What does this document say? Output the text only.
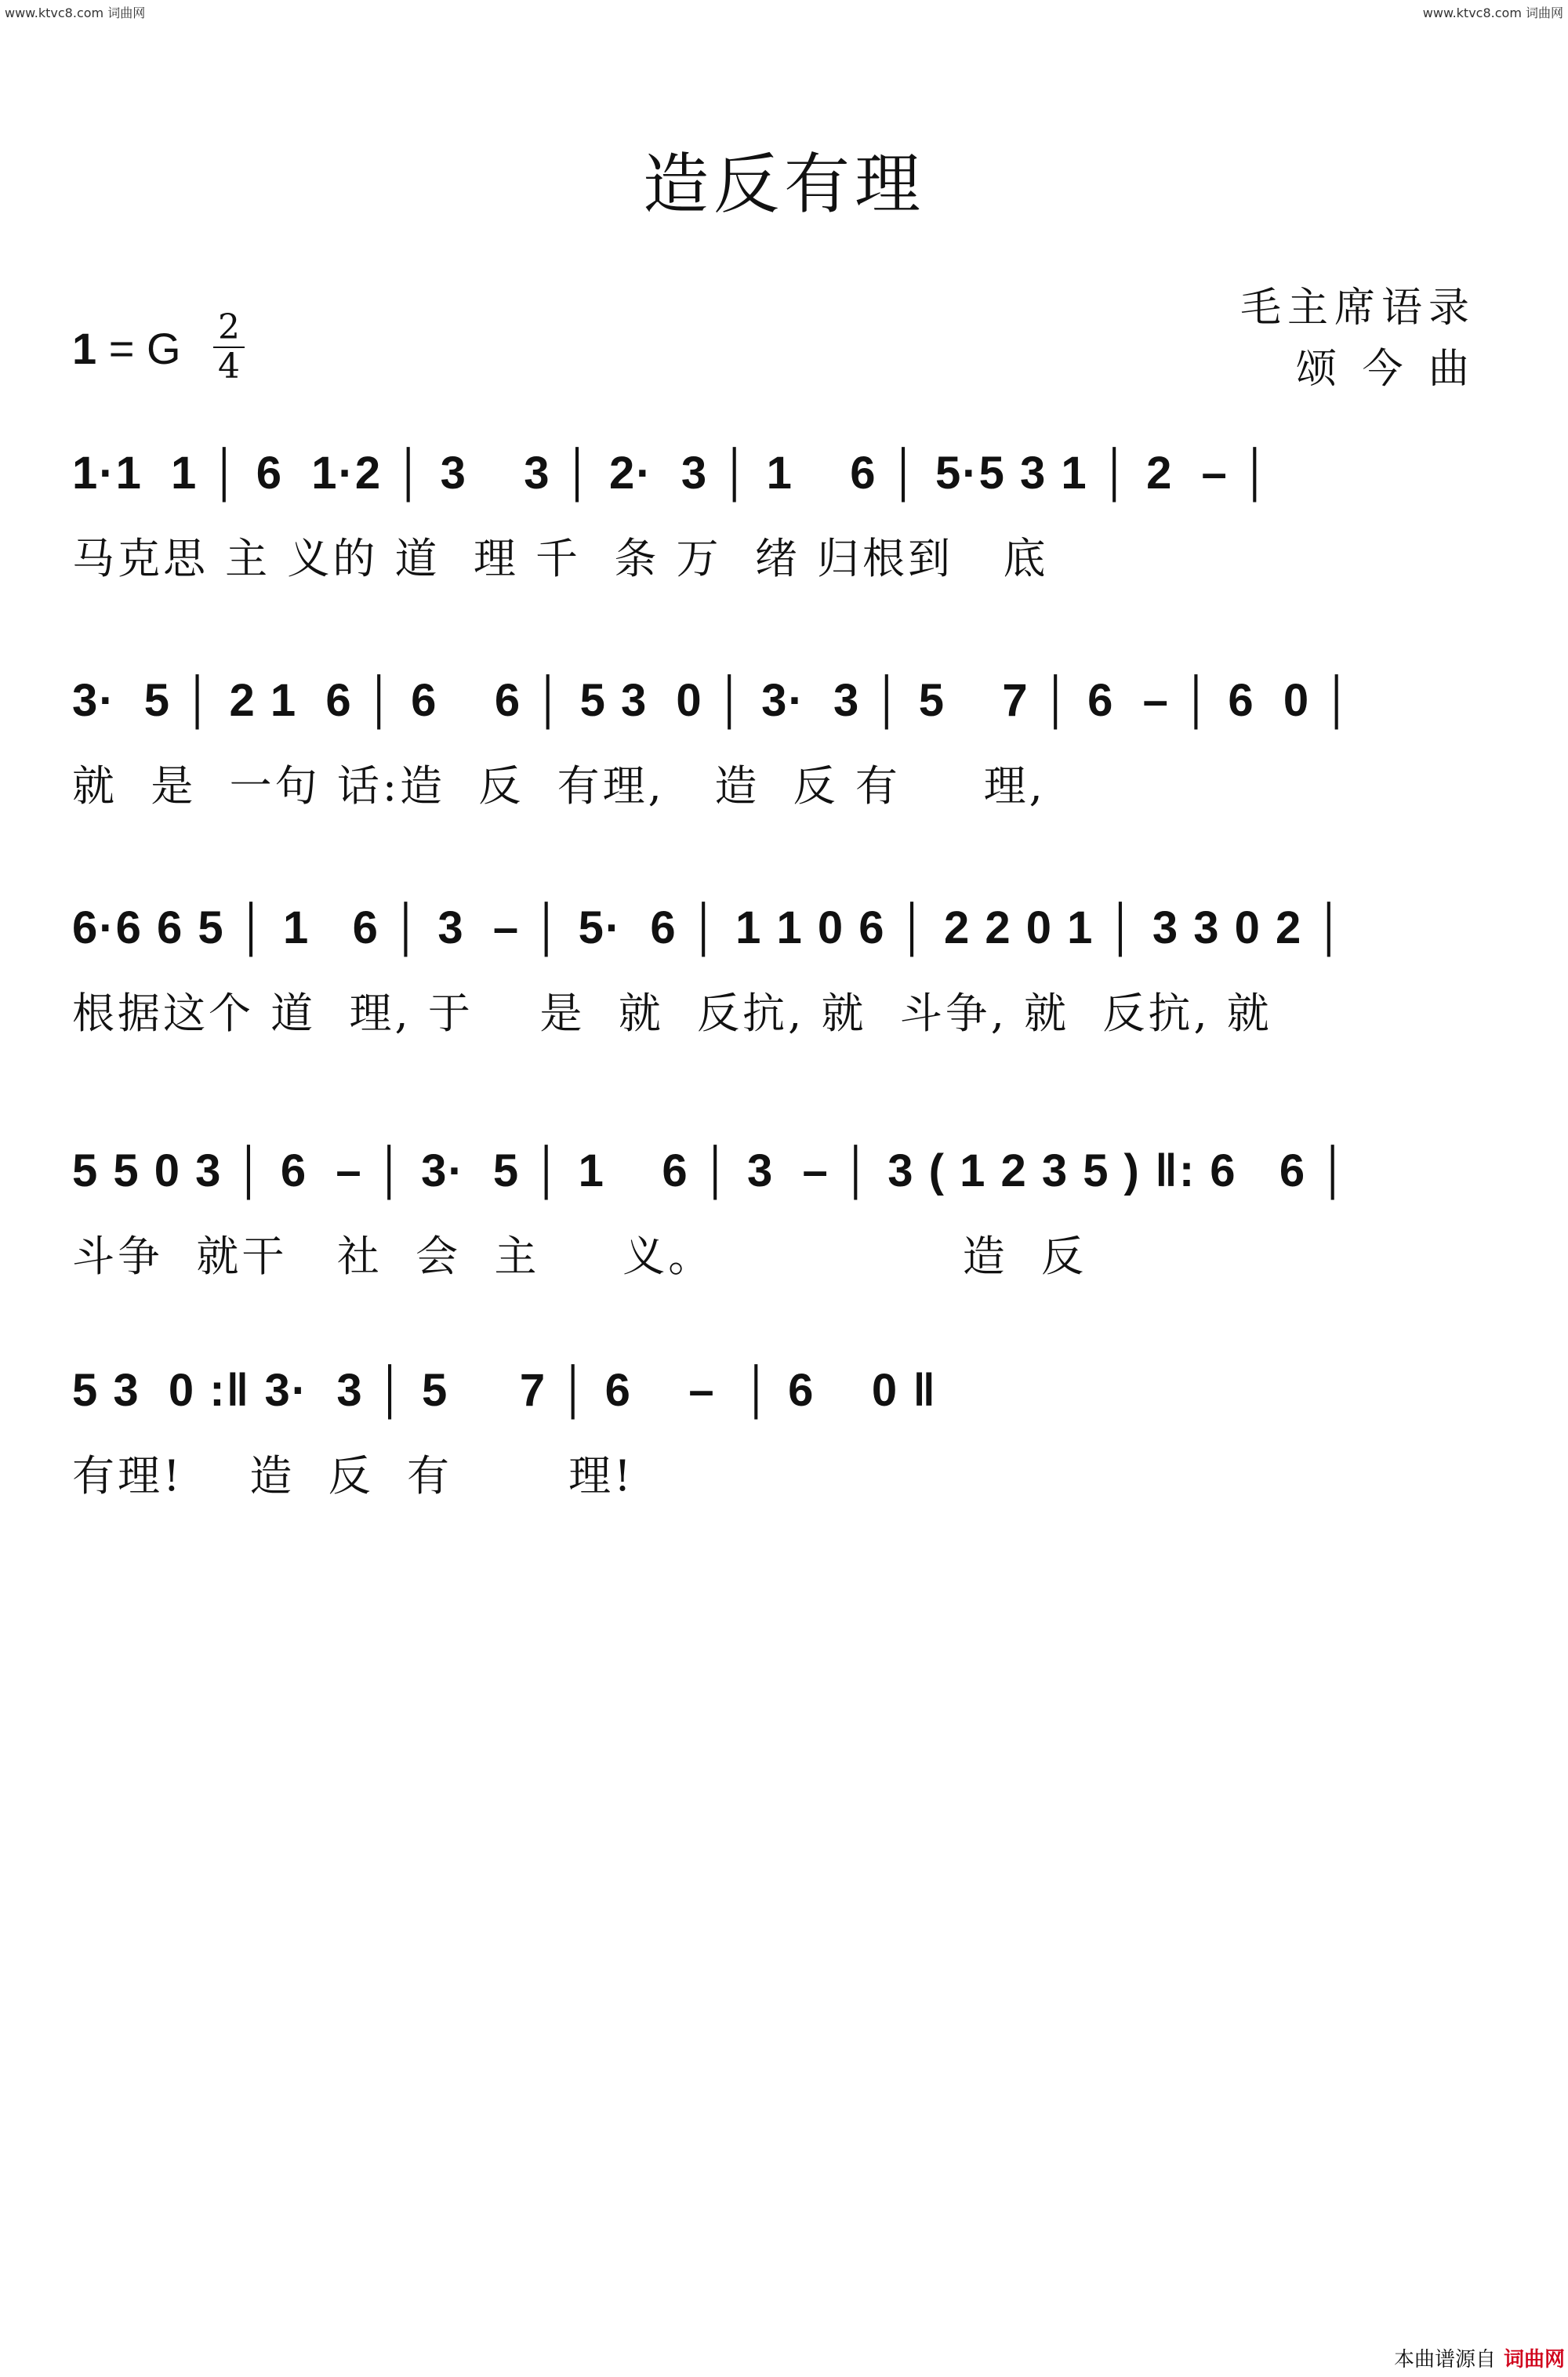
www.ktvc8.com 词曲网	www.ktvc8.com 词曲网
造反有理
毛主席语录
颂 今 曲
1 = G 2
4
1·1  1 │ 6  1·2 │ 3    3 │ 2·  3 │ 1    6 │ 5·5 3 1 │ 2  – │
马克思 主 义的 道  理 千  条 万  绪 归根到   底
3·  5 │ 2 1  6 │ 6    6 │ 5 3  0 │ 3·  3 │ 5    7 │ 6  – │ 6  0 │
就  是  一句 话:造  反  有理,   造  反 有     理,
6·6 6 5 │ 1   6 │ 3  – │ 5·  6 │ 1 1 0 6 │ 2 2 0 1 │ 3 3 0 2 │
根据这个 道  理, 于    是  就  反抗, 就  斗争, 就  反抗, 就
5 5 0 3 │ 6  – │ 3·  5 │ 1    6 │ 3  – │ 3 ( 1 2 3 5 ) ‖: 6   6 │
斗争  就干   社  会  主     义。               造  反
5 3  0 :‖ 3·  3 │ 5     7 │ 6    –  │ 6    0 ‖
有理!    造  反  有       理!
本曲谱源自 词曲网
